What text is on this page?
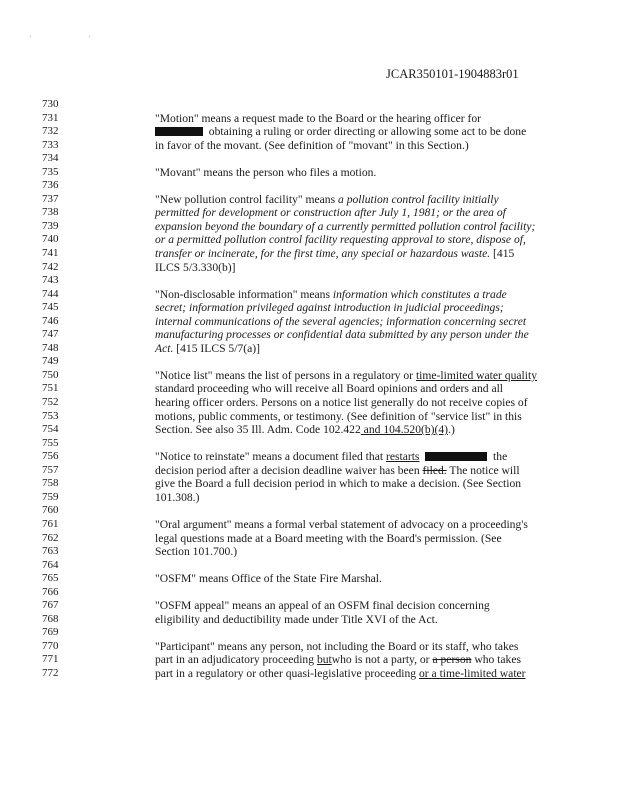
' '
JCAR350101-1904883r01
730
731
732
733
734
735
736
737
738
739
740
741
742
743
744
745
746
747
748
749
750
751
752
753
754
755
756
757
758
759
760
761
762
763
764
765
766
767
768
769
770
771
772
"Motion" means a request made to the Board or the hearing officer for
obtaining a ruling or order directing or allowing some act to be done
in favor of the movant. (See definition of "movant" in this Section.)
"Movant" means the person who files a motion.
"New pollution control facility" means a pollution control facility initially
permitted for development or construction after July 1, 1981; or the area of
expansion beyond the boundary of a currently permitted pollution control facility;
or a permitted pollution control facility requesting approval to store, dispose of,
transfer or incinerate, for the first time, any special or hazardous waste. [415
ILCS 5/3.330(b)]
"Non-disclosable information" means information which constitutes a trade
secret; information privileged against introduction in judicial proceedings;
internal communications of the several agencies; information concerning secret
manufacturing processes or confidential data submitted by any person under the
Act. [415 ILCS 5/7(a)]
"Notice list" means the list of persons in a regulatory or time-limited water quality
standard proceeding who will receive all Board opinions and orders and all
hearing officer orders. Persons on a notice list generally do not receive copies of
motions, public comments, or testimony. (See definition of "service list" in this
Section. See also 35 Ill. Adm. Code 102.422 and 104.520(b)(4).)
"Notice to reinstate" means a document filed that restarts	the
decision period after a decision deadline waiver has been filed. The notice will
give the Board a full decision period in which to make a decision. (See Section
101.308.)
"Oral argument" means a formal verbal statement of advocacy on a proceeding's
legal questions made at a Board meeting with the Board's permission. (See
Section 101.700.)
"OSFM" means Office of the State Fire Marshal.
"OSFM appeal" means an appeal of an OSFM final decision concerning
eligibility and deductibility made under Title XVI of the Act.
"Participant" means any person, not including the Board or its staff, who takes
part in an adjudicatory proceeding butwho is not a party, or a person who takes
part in a regulatory or other quasi-legislative proceeding or a time-limited water
